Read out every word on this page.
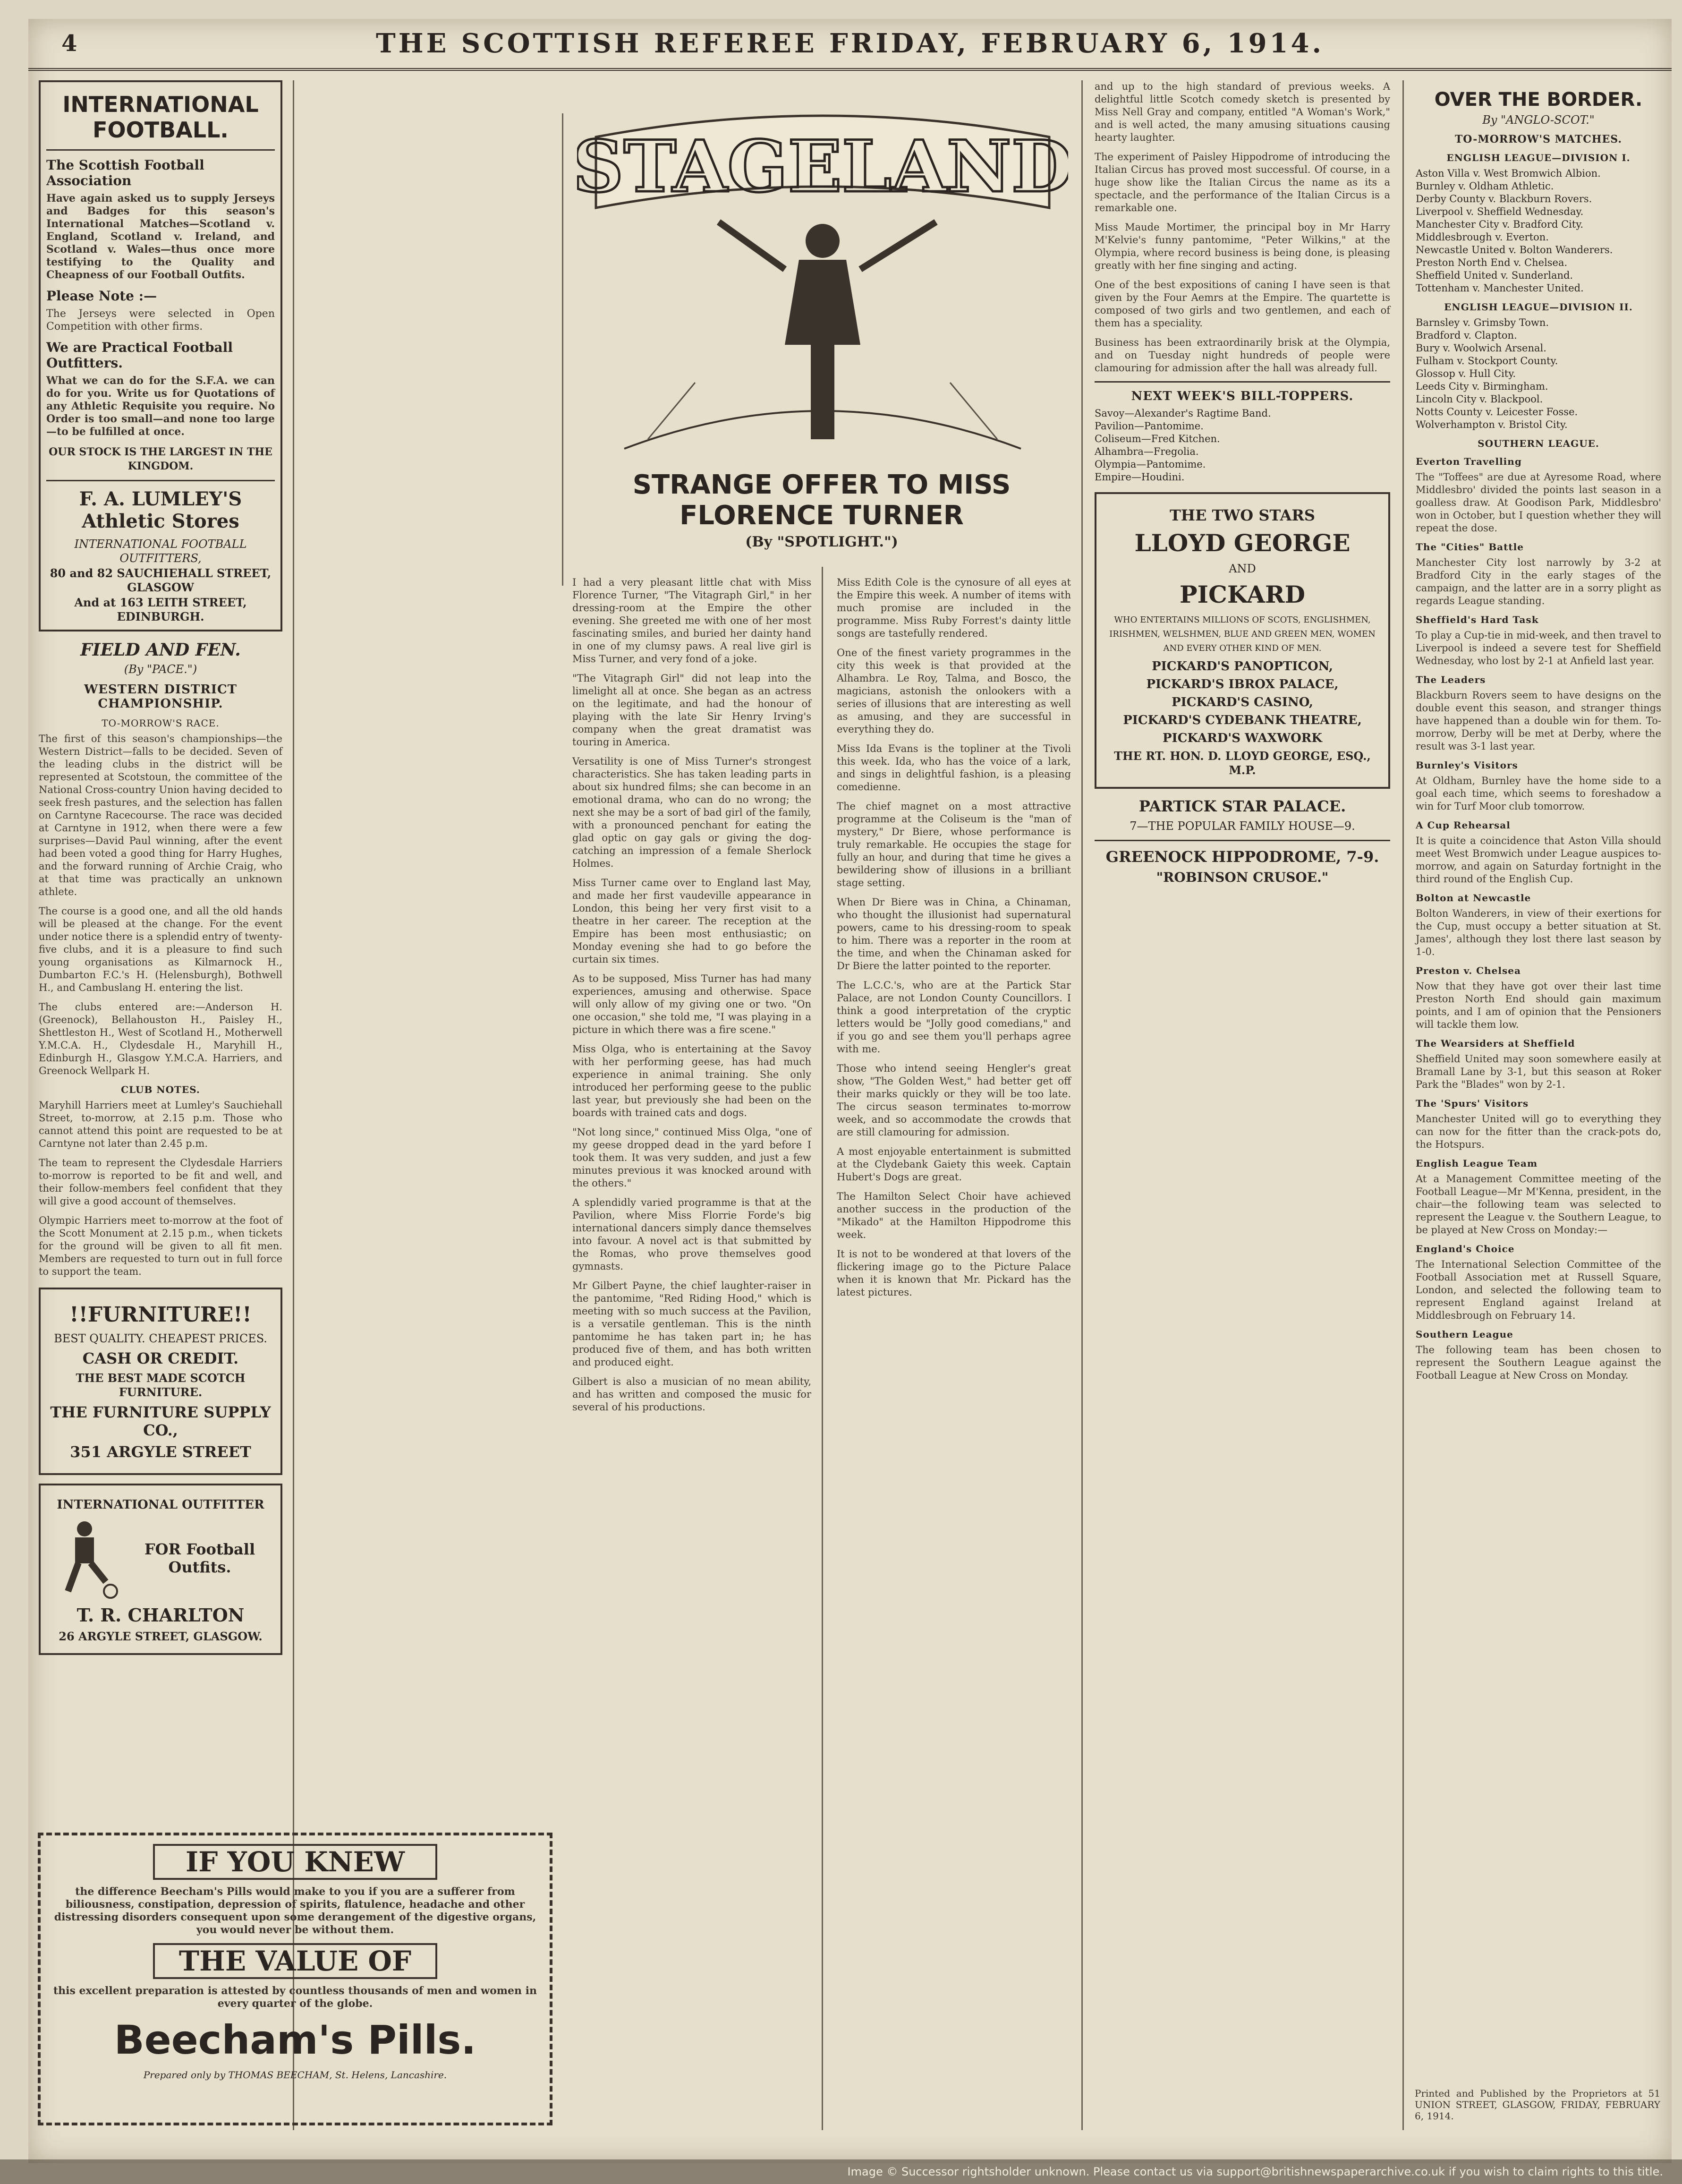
4	THE SCOTTISH REFEREE FRIDAY, FEBRUARY 6, 1914.
INTERNATIONAL FOOTBALL.
The Scottish Football Association

Have again asked us to supply Jerseys and Badges for this season's International Matches—Scotland v. England, Scotland v. Ireland, and Scotland v. Wales—thus once more testifying to the Quality and Cheapness of our Football Outfits.

Please Note :—

The Jerseys were selected in Open Competition with other firms.

We are Practical Football Outfitters.

What we can do for the S.F.A. we can do for you. Write us for Quotations of any Athletic Requisite you require. No Order is too small—and none too large—to be fulfilled at once.

OUR STOCK IS THE LARGEST IN THE KINGDOM.
F. A. LUMLEY'S Athletic Stores
INTERNATIONAL FOOTBALL OUTFITTERS,
80 and 82 SAUCHIEHALL STREET, GLASGOW
And at 163 LEITH STREET, EDINBURGH.
FIELD AND FEN.
(By "PACE.")
WESTERN DISTRICT CHAMPIONSHIP.
TO-MORROW'S RACE.

The first of this season's championships—the Western District—falls to be decided. Seven of the leading clubs in the district will be represented at Scotstoun, the committee of the National Cross-country Union having decided to seek fresh pastures, and the selection has fallen on Carntyne Racecourse. The race was decided at Carntyne in 1912, when there were a few surprises—David Paul winning, after the event had been voted a good thing for Harry Hughes, and the forward running of Archie Craig, who at that time was practically an unknown athlete.

The course is a good one, and all the old hands will be pleased at the change. For the event under notice there is a splendid entry of twenty-five clubs, and it is a pleasure to find such young organisations as Kilmarnock H., Dumbarton F.C.'s H. (Helensburgh), Bothwell H., and Cambuslang H. entering the list.

The clubs entered are:—Anderson H. (Greenock), Bellahouston H., Paisley H., Shettleston H., West of Scotland H., Motherwell Y.M.C.A. H., Clydesdale H., Maryhill H., Edinburgh H., Glasgow Y.M.C.A. Harriers, and Greenock Wellpark H.

CLUB NOTES.

Maryhill Harriers meet at Lumley's Sauchiehall Street, to-morrow, at 2.15 p.m. Those who cannot attend this point are requested to be at Carntyne not later than 2.45 p.m.

The team to represent the Clydesdale Harriers to-morrow is reported to be fit and well, and their follow-members feel confident that they will give a good account of themselves.

Olympic Harriers meet to-morrow at the foot of the Scott Monument at 2.15 p.m., when tickets for the ground will be given to all fit men. Members are requested to turn out in full force to support the team.

!!FURNITURE!!
BEST QUALITY. CHEAPEST PRICES.
CASH OR CREDIT.
THE BEST MADE SCOTCH FURNITURE.
THE FURNITURE SUPPLY CO.,
351 ARGYLE STREET
INTERNATIONAL OUTFITTER
FOR Football Outfits.
T. R. CHARLTON
26 ARGYLE STREET, GLASGOW.
IF YOU KNEW

the difference Beecham's Pills would make to you if you are a sufferer from biliousness, constipation, depression of spirits, flatulence, headache and other distressing disorders consequent upon some derangement of the digestive organs, you would never be without them.

THE VALUE OF

this excellent preparation is attested by countless thousands of men and women in every quarter of the globe.

Beecham's Pills.
Prepared only by THOMAS BEECHAM, St. Helens, Lancashire.
STAGELAND
STRANGE OFFER TO MISS FLORENCE TURNER
(By "SPOTLIGHT.")

I had a very pleasant little chat with Miss Florence Turner, "The Vitagraph Girl," in her dressing-room at the Empire the other evening. She greeted me with one of her most fascinating smiles, and buried her dainty hand in one of my clumsy paws. A real live girl is Miss Turner, and very fond of a joke.

"The Vitagraph Girl" did not leap into the limelight all at once. She began as an actress on the legitimate, and had the honour of playing with the late Sir Henry Irving's company when the great dramatist was touring in America.

Versatility is one of Miss Turner's strongest characteristics. She has taken leading parts in about six hundred films; she can become in an emotional drama, who can do no wrong; the next she may be a sort of bad girl of the family, with a pronounced penchant for eating the glad optic on gay gals or giving the dog-catching an impression of a female Sherlock Holmes.

Miss Turner came over to England last May, and made her first vaudeville appearance in London, this being her very first visit to a theatre in her career. The reception at the Empire has been most enthusiastic; on Monday evening she had to go before the curtain six times.

As to be supposed, Miss Turner has had many experiences, amusing and otherwise. Space will only allow of my giving one or two. "On one occasion," she told me, "I was playing in a picture in which there was a fire scene."

Miss Olga, who is entertaining at the Savoy with her performing geese, has had much experience in animal training. She only introduced her performing geese to the public last year, but previously she had been on the boards with trained cats and dogs.

"Not long since," continued Miss Olga, "one of my geese dropped dead in the yard before I took them. It was very sudden, and just a few minutes previous it was knocked around with the others."

A splendidly varied programme is that at the Pavilion, where Miss Florrie Forde's big international dancers simply dance themselves into favour. A novel act is that submitted by the Romas, who prove themselves good gymnasts.

Mr Gilbert Payne, the chief laughter-raiser in the pantomime, "Red Riding Hood," which is meeting with so much success at the Pavilion, is a versatile gentleman. This is the ninth pantomime he has taken part in; he has produced five of them, and has both written and produced eight.

Gilbert is also a musician of no mean ability, and has written and composed the music for several of his productions.

Miss Edith Cole is the cynosure of all eyes at the Empire this week. A number of items with much promise are included in the programme. Miss Ruby Forrest's dainty little songs are tastefully rendered.

One of the finest variety programmes in the city this week is that provided at the Alhambra. Le Roy, Talma, and Bosco, the magicians, astonish the onlookers with a series of illusions that are interesting as well as amusing, and they are successful in everything they do.

Miss Ida Evans is the topliner at the Tivoli this week. Ida, who has the voice of a lark, and sings in delightful fashion, is a pleasing comedienne.

The chief magnet on a most attractive programme at the Coliseum is the "man of mystery," Dr Biere, whose performance is truly remarkable. He occupies the stage for fully an hour, and during that time he gives a bewildering show of illusions in a brilliant stage setting.

When Dr Biere was in China, a Chinaman, who thought the illusionist had supernatural powers, came to his dressing-room to speak to him. There was a reporter in the room at the time, and when the Chinaman asked for Dr Biere the latter pointed to the reporter.

The L.C.C.'s, who are at the Partick Star Palace, are not London County Councillors. I think a good interpretation of the cryptic letters would be "Jolly good comedians," and if you go and see them you'll perhaps agree with me.

Those who intend seeing Hengler's great show, "The Golden West," had better get off their marks quickly or they will be too late. The circus season terminates to-morrow week, and so accommodate the crowds that are still clamouring for admission.

A most enjoyable entertainment is submitted at the Clydebank Gaiety this week. Captain Hubert's Dogs are great.

The Hamilton Select Choir have achieved another success in the production of the "Mikado" at the Hamilton Hippodrome this week.

It is not to be wondered at that lovers of the flickering image go to the Picture Palace when it is known that Mr. Pickard has the latest pictures.

and up to the high standard of previous weeks. A delightful little Scotch comedy sketch is presented by Miss Nell Gray and company, entitled "A Woman's Work," and is well acted, the many amusing situations causing hearty laughter.

The experiment of Paisley Hippodrome of introducing the Italian Circus has proved most successful. Of course, in a huge show like the Italian Circus the name as its a spectacle, and the performance of the Italian Circus is a remarkable one.

Miss Maude Mortimer, the principal boy in Mr Harry M'Kelvie's funny pantomime, "Peter Wilkins," at the Olympia, where record business is being done, is pleasing greatly with her fine singing and acting.

One of the best expositions of caning I have seen is that given by the Four Aemrs at the Empire. The quartette is composed of two girls and two gentlemen, and each of them has a speciality.

Business has been extraordinarily brisk at the Olympia, and on Tuesday night hundreds of people were clamouring for admission after the hall was already full.

NEXT WEEK'S BILL-TOPPERS.

Savoy—Alexander's Ragtime Band.

Pavilion—Pantomime.

Coliseum—Fred Kitchen.

Alhambra—Fregolia.

Olympia—Pantomime.

Empire—Houdini.

THE TWO STARS
LLOYD GEORGE
AND
PICKARD

WHO ENTERTAINS MILLIONS OF SCOTS, ENGLISHMEN, IRISHMEN, WELSHMEN, BLUE AND GREEN MEN, WOMEN AND EVERY OTHER KIND OF MEN.

PICKARD'S PANOPTICON,
PICKARD'S IBROX PALACE,
PICKARD'S CASINO,
PICKARD'S CYDEBANK THEATRE,
PICKARD'S WAXWORK
THE RT. HON. D. LLOYD GEORGE, ESQ., M.P.
PARTICK STAR PALACE.
7—THE POPULAR FAMILY HOUSE—9.
GREENOCK HIPPODROME, 7-9.
"ROBINSON CRUSOE."
OVER THE BORDER.
By "ANGLO-SCOT."
TO-MORROW'S MATCHES.
ENGLISH LEAGUE—DIVISION I.

Aston Villa v. West Bromwich Albion.

Burnley v. Oldham Athletic.

Derby County v. Blackburn Rovers.

Liverpool v. Sheffield Wednesday.

Manchester City v. Bradford City.

Middlesbrough v. Everton.

Newcastle United v. Bolton Wanderers.

Preston North End v. Chelsea.

Sheffield United v. Sunderland.

Tottenham v. Manchester United.

ENGLISH LEAGUE—DIVISION II.

Barnsley v. Grimsby Town.

Bradford v. Clapton.

Bury v. Woolwich Arsenal.

Fulham v. Stockport County.

Glossop v. Hull City.

Leeds City v. Birmingham.

Lincoln City v. Blackpool.

Notts County v. Leicester Fosse.

Wolverhampton v. Bristol City.

SOUTHERN LEAGUE.
Everton Travelling

The "Toffees" are due at Ayresome Road, where Middlesbro' divided the points last season in a goalless draw. At Goodison Park, Middlesbro' won in October, but I question whether they will repeat the dose.

The "Cities" Battle

Manchester City lost narrowly by 3-2 at Bradford City in the early stages of the campaign, and the latter are in a sorry plight as regards League standing.

Sheffield's Hard Task

To play a Cup-tie in mid-week, and then travel to Liverpool is indeed a severe test for Sheffield Wednesday, who lost by 2-1 at Anfield last year.

The Leaders

Blackburn Rovers seem to have designs on the double event this season, and stranger things have happened than a double win for them. To-morrow, Derby will be met at Derby, where the result was 3-1 last year.

Burnley's Visitors

At Oldham, Burnley have the home side to a goal each time, which seems to foreshadow a win for Turf Moor club tomorrow.

A Cup Rehearsal

It is quite a coincidence that Aston Villa should meet West Bromwich under League auspices to-morrow, and again on Saturday fortnight in the third round of the English Cup.

Bolton at Newcastle

Bolton Wanderers, in view of their exertions for the Cup, must occupy a better situation at St. James', although they lost there last season by 1-0.

Preston v. Chelsea

Now that they have got over their last time Preston North End should gain maximum points, and I am of opinion that the Pensioners will tackle them low.

The Wearsiders at Sheffield

Sheffield United may soon somewhere easily at Bramall Lane by 3-1, but this season at Roker Park the "Blades" won by 2-1.

The 'Spurs' Visitors

Manchester United will go to everything they can now for the fitter than the crack-pots do, the Hotspurs.

English League Team

At a Management Committee meeting of the Football League—Mr M'Kenna, president, in the chair—the following team was selected to represent the League v. the Southern League, to be played at New Cross on Monday:—

England's Choice

The International Selection Committee of the Football Association met at Russell Square, London, and selected the following team to represent England against Ireland at Middlesbrough on February 14.

Southern League

The following team has been chosen to represent the Southern League against the Football League at New Cross on Monday.

Printed and Published by the Proprietors at 51 UNION STREET, GLASGOW, FRIDAY, FEBRUARY 6, 1914.
Image © Successor rightsholder unknown. Please contact us via support@britishnewspaperarchive.co.uk if you wish to claim rights to this title.
